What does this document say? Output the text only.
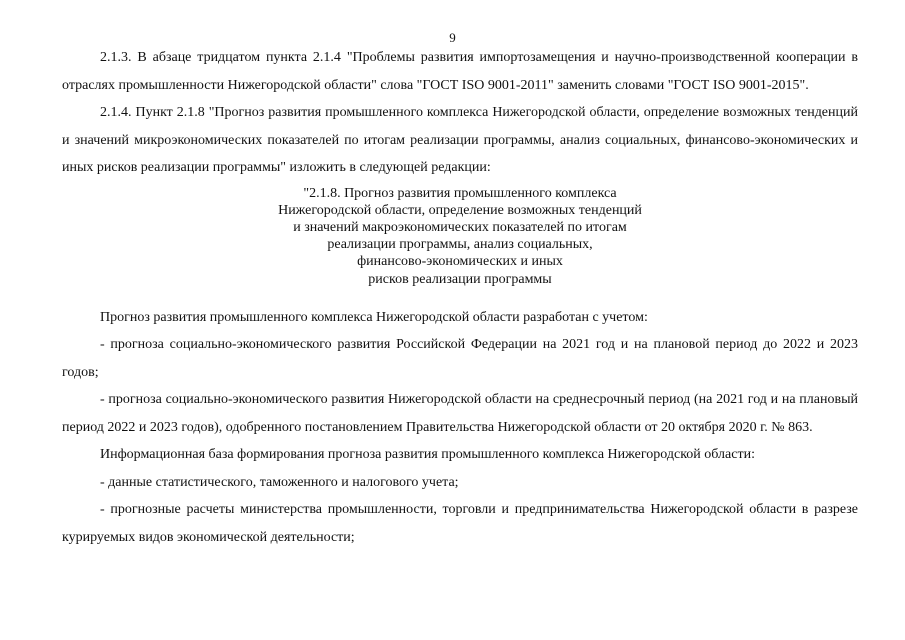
9

2.1.3. В абзаце тридцатом пункта 2.1.4 "Проблемы развития импортозамещения и научно-производственной кооперации в отраслях промышленности Нижегородской области" слова "ГОСТ ISO 9001-2011" заменить словами "ГОСТ ISO 9001-2015".

2.1.4. Пункт 2.1.8 "Прогноз развития промышленного комплекса Нижегородской области, определение возможных тенденций и значений микроэкономических показателей по итогам реализации программы, анализ социальных, финансово-экономических и иных рисков реализации программы" изложить в следующей редакции:

"2.1.8. Прогноз развития промышленного комплекса
Нижегородской области, определение возможных тенденций
и значений макроэкономических показателей по итогам
реализации программы, анализ социальных,
финансово-экономических и иных
рисков реализации программы

Прогноз развития промышленного комплекса Нижегородской области разработан с учетом:

- прогноза социально-экономического развития Российской Федерации на 2021 год и на плановой период до 2022 и 2023 годов;

- прогноза социально-экономического развития Нижегородской области на среднесрочный период (на 2021 год и на плановый период 2022 и 2023 годов), одобренного постановлением Правительства Нижегородской области от 20 октября 2020 г. № 863.

Информационная база формирования прогноза развития промышленного комплекса Нижегородской области:

- данные статистического, таможенного и налогового учета;

- прогнозные расчеты министерства промышленности, торговли и предпринимательства Нижегородской области в разрезе курируемых видов экономической деятельности;
